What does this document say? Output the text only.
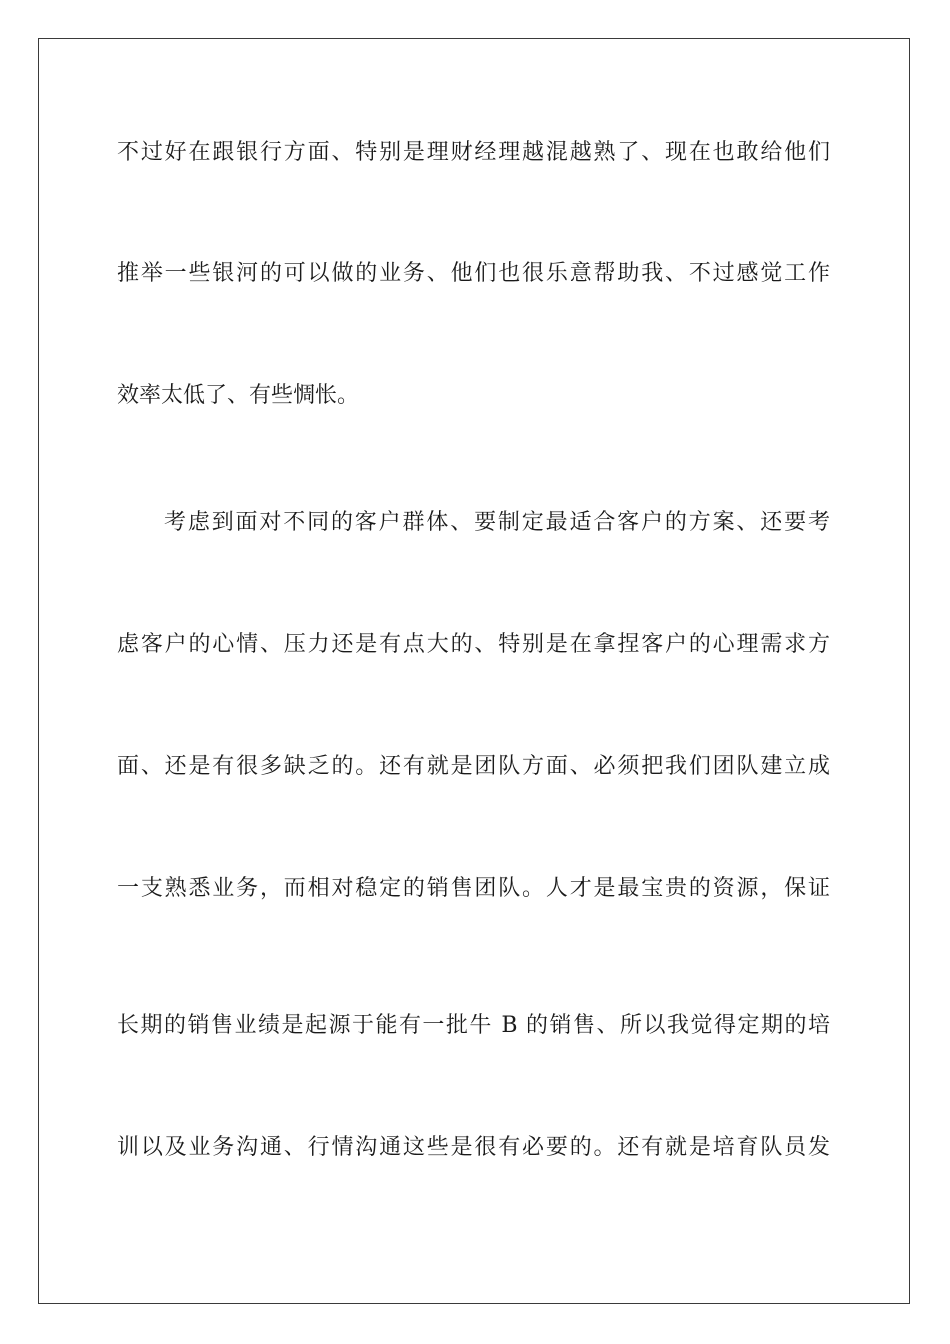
不过好在跟银行方面、特别是理财经理越混越熟了、现在也敢给他们
推举一些银河的可以做的业务、他们也很乐意帮助我、不过感觉工作
效率太低了、有些惆怅。
考虑到面对不同的客户群体、要制定最适合客户的方案、还要考
虑客户的心情、压力还是有点大的、特别是在拿捏客户的心理需求方
面、还是有很多缺乏的。还有就是团队方面、必须把我们团队建立成
一支熟悉业务，而相对稳定的销售团队。人才是最宝贵的资源，保证
长期的销售业绩是起源于能有一批牛 B 的销售、所以我觉得定期的培
训以及业务沟通、行情沟通这些是很有必要的。还有就是培育队员发
